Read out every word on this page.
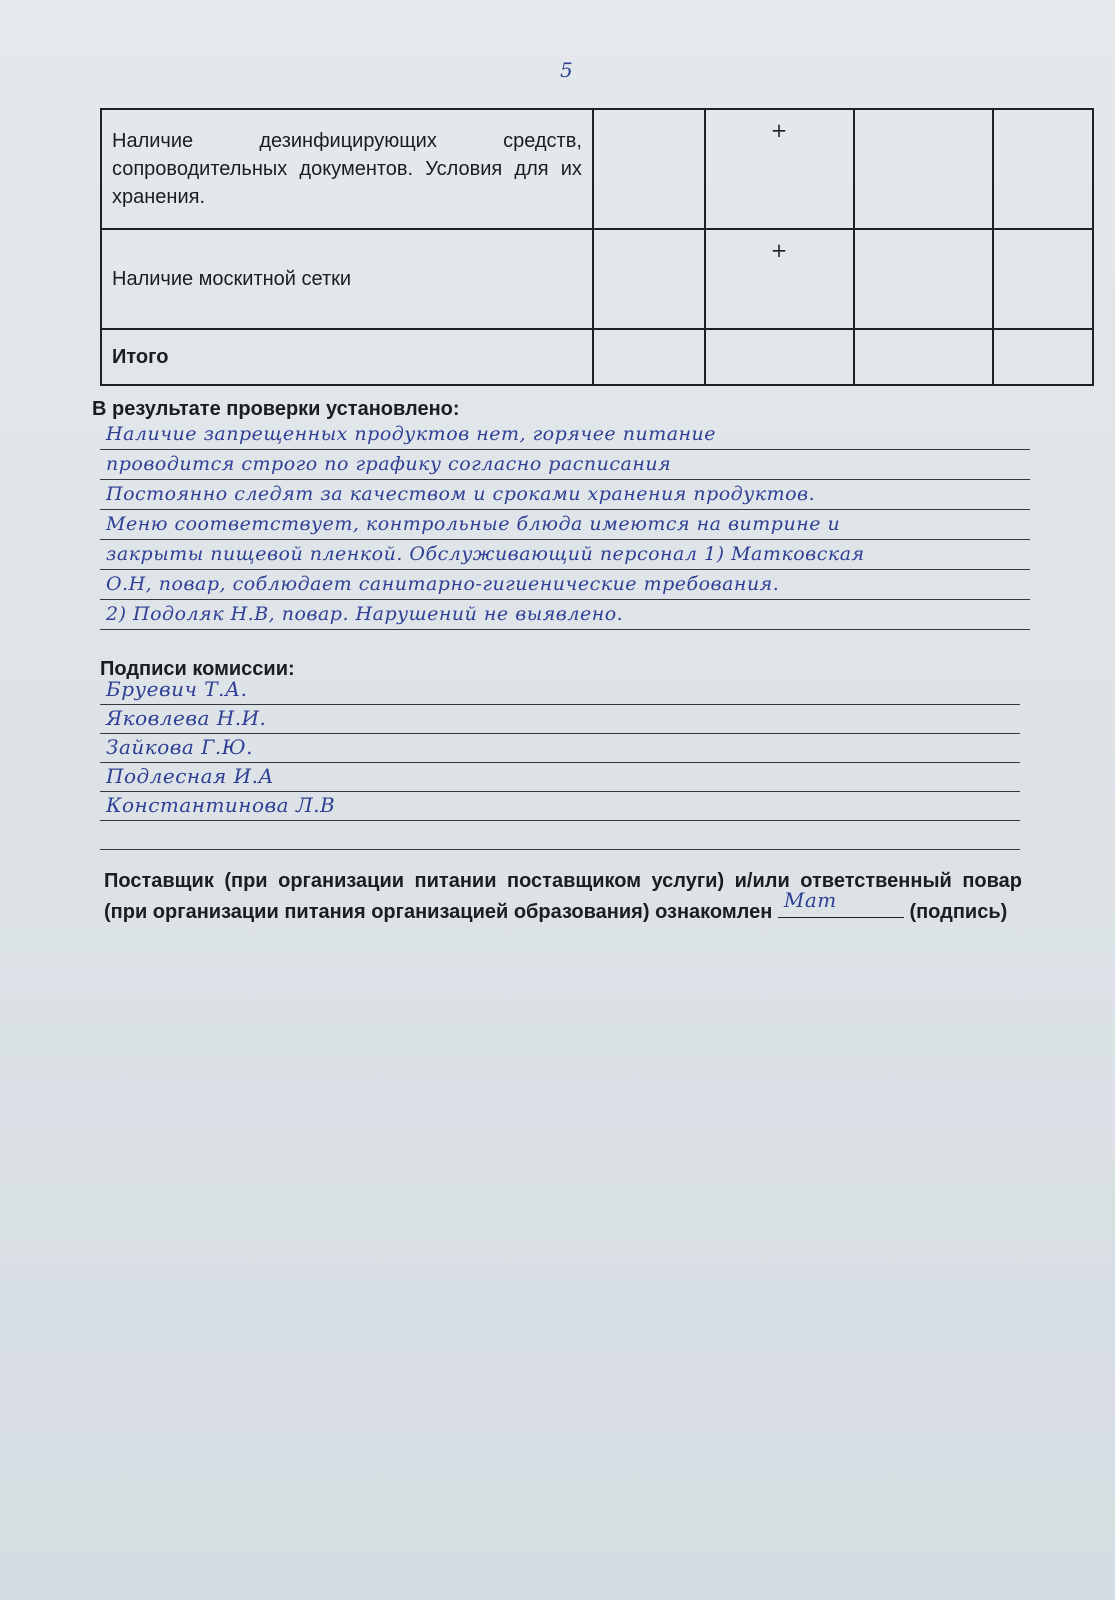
5
Наличие дезинфицирующих средств, сопроводительных документов. Условия для их хранения.		+		
Наличие москитной сетки		+		
Итого				
В результате проверки установлено:
Наличие запрещенных продуктов нет, горячее питание
проводится строго по графику согласно расписания
Постоянно следят за качеством и сроками хранения продуктов.
Меню соответствует, контрольные блюда имеются на витрине и
закрыты пищевой пленкой. Обслуживающий персонал 1) Матковская
О.Н, повар, соблюдает санитарно-гигиенические требования.
2) Подоляк Н.В, повар. Нарушений не выявлено.
Подписи комиссии:
Бруевич Т.А.
Яковлева Н.И.
Зайкова Г.Ю.
Подлесная И.А
Константинова Л.В
Поставщик (при организации питании поставщиком услуги) и/или ответственный повар (при организации питания организацией образования) ознакомлен Мат	(подпись)
